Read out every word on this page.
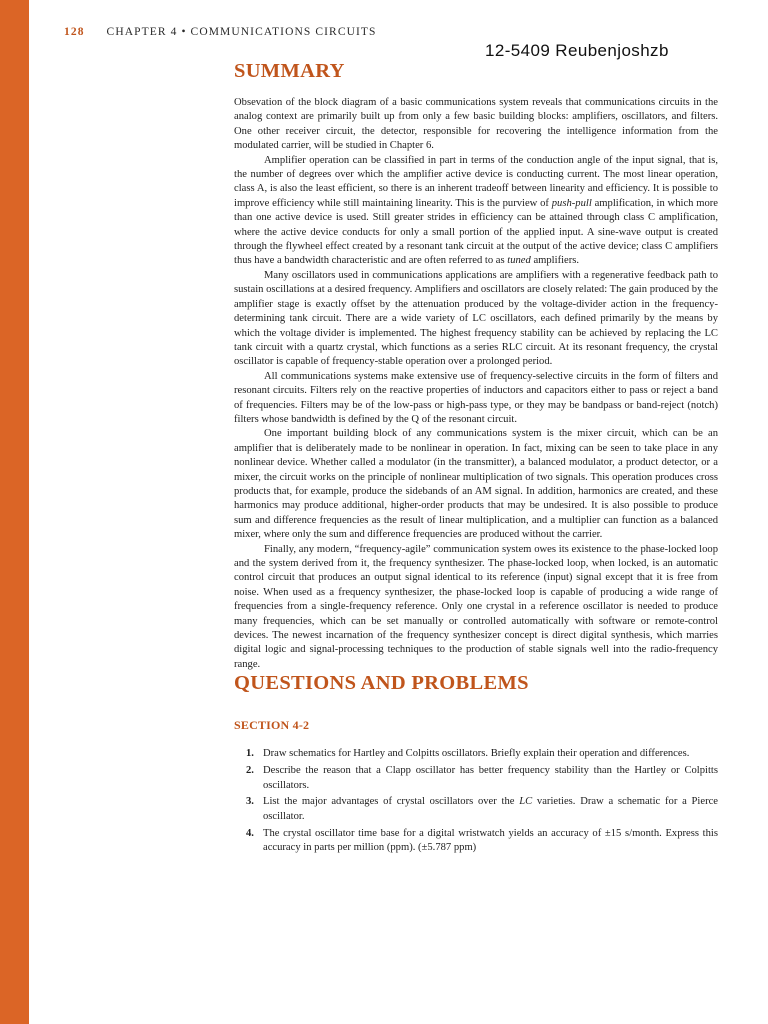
128 CHAPTER 4 • COMMUNICATIONS CIRCUITS
12-5409 Reubenjoshzb
SUMMARY

Obsevation of the block diagram of a basic communications system reveals that communications circuits in the analog context are primarily built up from only a few basic building blocks: amplifiers, oscillators, and filters. One other receiver circuit, the detector, responsible for recovering the intelligence information from the modulated carrier, will be studied in Chapter 6.

Amplifier operation can be classified in part in terms of the conduction angle of the input signal, that is, the number of degrees over which the amplifier active device is conducting current. The most linear operation, class A, is also the least efficient, so there is an inherent tradeoff between linearity and efficiency. It is possible to improve efficiency while still maintaining linearity. This is the purview of push-pull amplification, in which more than one active device is used. Still greater strides in efficiency can be attained through class C amplification, where the active device conducts for only a small portion of the applied input. A sine-wave output is created through the flywheel effect created by a resonant tank circuit at the output of the active device; class C amplifiers thus have a bandwidth characteristic and are often referred to as tuned amplifiers.

Many oscillators used in communications applications are amplifiers with a regenerative feedback path to sustain oscillations at a desired frequency. Amplifiers and oscillators are closely related: The gain produced by the amplifier stage is exactly offset by the attenuation produced by the voltage-divider action in the frequency-determining tank circuit. There are a wide variety of LC oscillators, each defined primarily by the means by which the voltage divider is implemented. The highest frequency stability can be achieved by replacing the LC tank circuit with a quartz crystal, which functions as a series RLC circuit. At its resonant frequency, the crystal oscillator is capable of frequency-stable operation over a prolonged period.

All communications systems make extensive use of frequency-selective circuits in the form of filters and resonant circuits. Filters rely on the reactive properties of inductors and capacitors either to pass or reject a band of frequencies. Filters may be of the low-pass or high-pass type, or they may be bandpass or band-reject (notch) filters whose bandwidth is defined by the Q of the resonant circuit.

One important building block of any communications system is the mixer circuit, which can be an amplifier that is deliberately made to be nonlinear in operation. In fact, mixing can be seen to take place in any nonlinear device. Whether called a modulator (in the transmitter), a balanced modulator, a product detector, or a mixer, the circuit works on the principle of nonlinear multiplication of two signals. This operation produces cross products that, for example, produce the sidebands of an AM signal. In addition, harmonics are created, and these harmonics may produce additional, higher-order products that may be undesired. It is also possible to produce sum and difference frequencies as the result of linear multiplication, and a multiplier can function as a balanced mixer, where only the sum and difference frequencies are produced without the carrier.

Finally, any modern, “frequency-agile” communication system owes its existence to the phase-locked loop and the system derived from it, the frequency synthesizer. The phase-locked loop, when locked, is an automatic control circuit that produces an output signal identical to its reference (input) signal except that it is free from noise. When used as a frequency synthesizer, the phase-locked loop is capable of producing a wide range of frequencies from a single-frequency reference. Only one crystal in a reference oscillator is needed to produce many frequencies, which can be set manually or controlled automatically with software or remote-control devices. The newest incarnation of the frequency synthesizer concept is direct digital synthesis, which marries digital logic and signal-processing techniques to the production of stable signals well into the radio-frequency range.

QUESTIONS AND PROBLEMS
SECTION 4-2
1. Draw schematics for Hartley and Colpitts oscillators. Briefly explain their operation and differences.
2. Describe the reason that a Clapp oscillator has better frequency stability than the Hartley or Colpitts oscillators.
3. List the major advantages of crystal oscillators over the LC varieties. Draw a schematic for a Pierce oscillator.
4. The crystal oscillator time base for a digital wristwatch yields an accuracy of ±15 s/month. Express this accuracy in parts per million (ppm). (±5.787 ppm)
